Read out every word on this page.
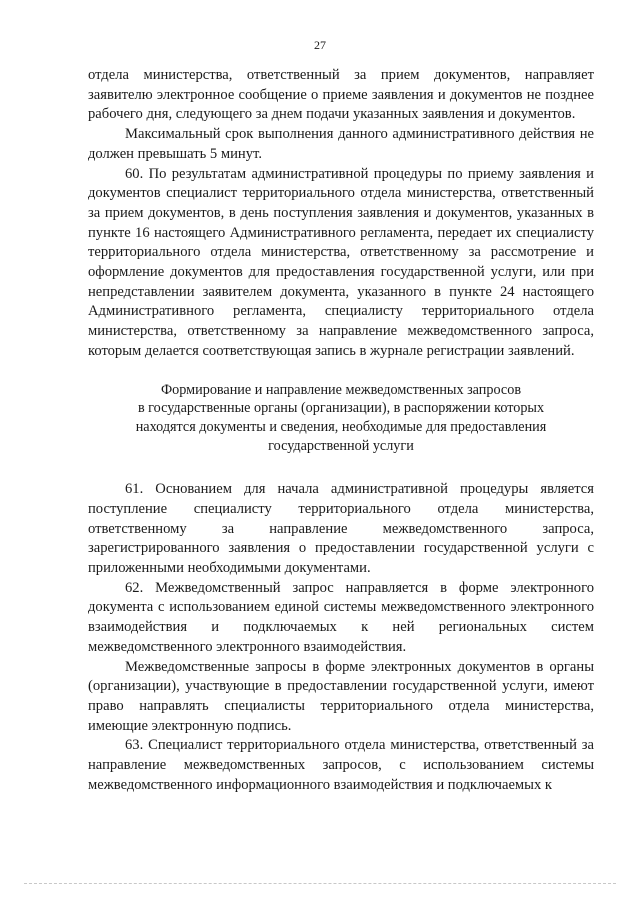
27

отдела министерства, ответственный за прием документов, направляет заявителю электронное сообщение о приеме заявления и документов не позднее рабочего дня, следующего за днем подачи указанных заявления и документов.

Максимальный срок выполнения данного административного действия не должен превышать 5 минут.

60. По результатам административной процедуры по приему заявления и документов специалист территориального отдела министерства, ответственный за прием документов, в день поступления заявления и документов, указанных в пункте 16 настоящего Административного регламента, передает их специалисту территориального отдела министерства, ответственному за рассмотрение и оформление документов для предоставления государственной услуги, или при непредставлении заявителем документа, указанного в пункте 24 настоящего Административного регламента, специалисту территориального отдела министерства, ответственному за направление межведомственного запроса, которым делается соответствующая запись в журнале регистрации заявлений.

Формирование и направление межведомственных запросов
в государственные органы (организации), в распоряжении которых
находятся документы и сведения, необходимые для предоставления
государственной услуги

61. Основанием для начала административной процедуры является поступление специалисту территориального отдела министерства, ответственному за направление межведомственного запроса, зарегистрированного заявления о предоставлении государственной услуги с приложенными необходимыми документами.

62. Межведомственный запрос направляется в форме электронного документа с использованием единой системы межведомственного электронного взаимодействия и подключаемых к ней региональных систем межведомственного электронного взаимодействия.

Межведомственные запросы в форме электронных документов в органы (организации), участвующие в предоставлении государственной услуги, имеют право направлять специалисты территориального отдела министерства, имеющие электронную подпись.

63. Специалист территориального отдела министерства, ответственный за направление межведомственных запросов, с использованием системы межведомственного информационного взаимодействия и подключаемых к
